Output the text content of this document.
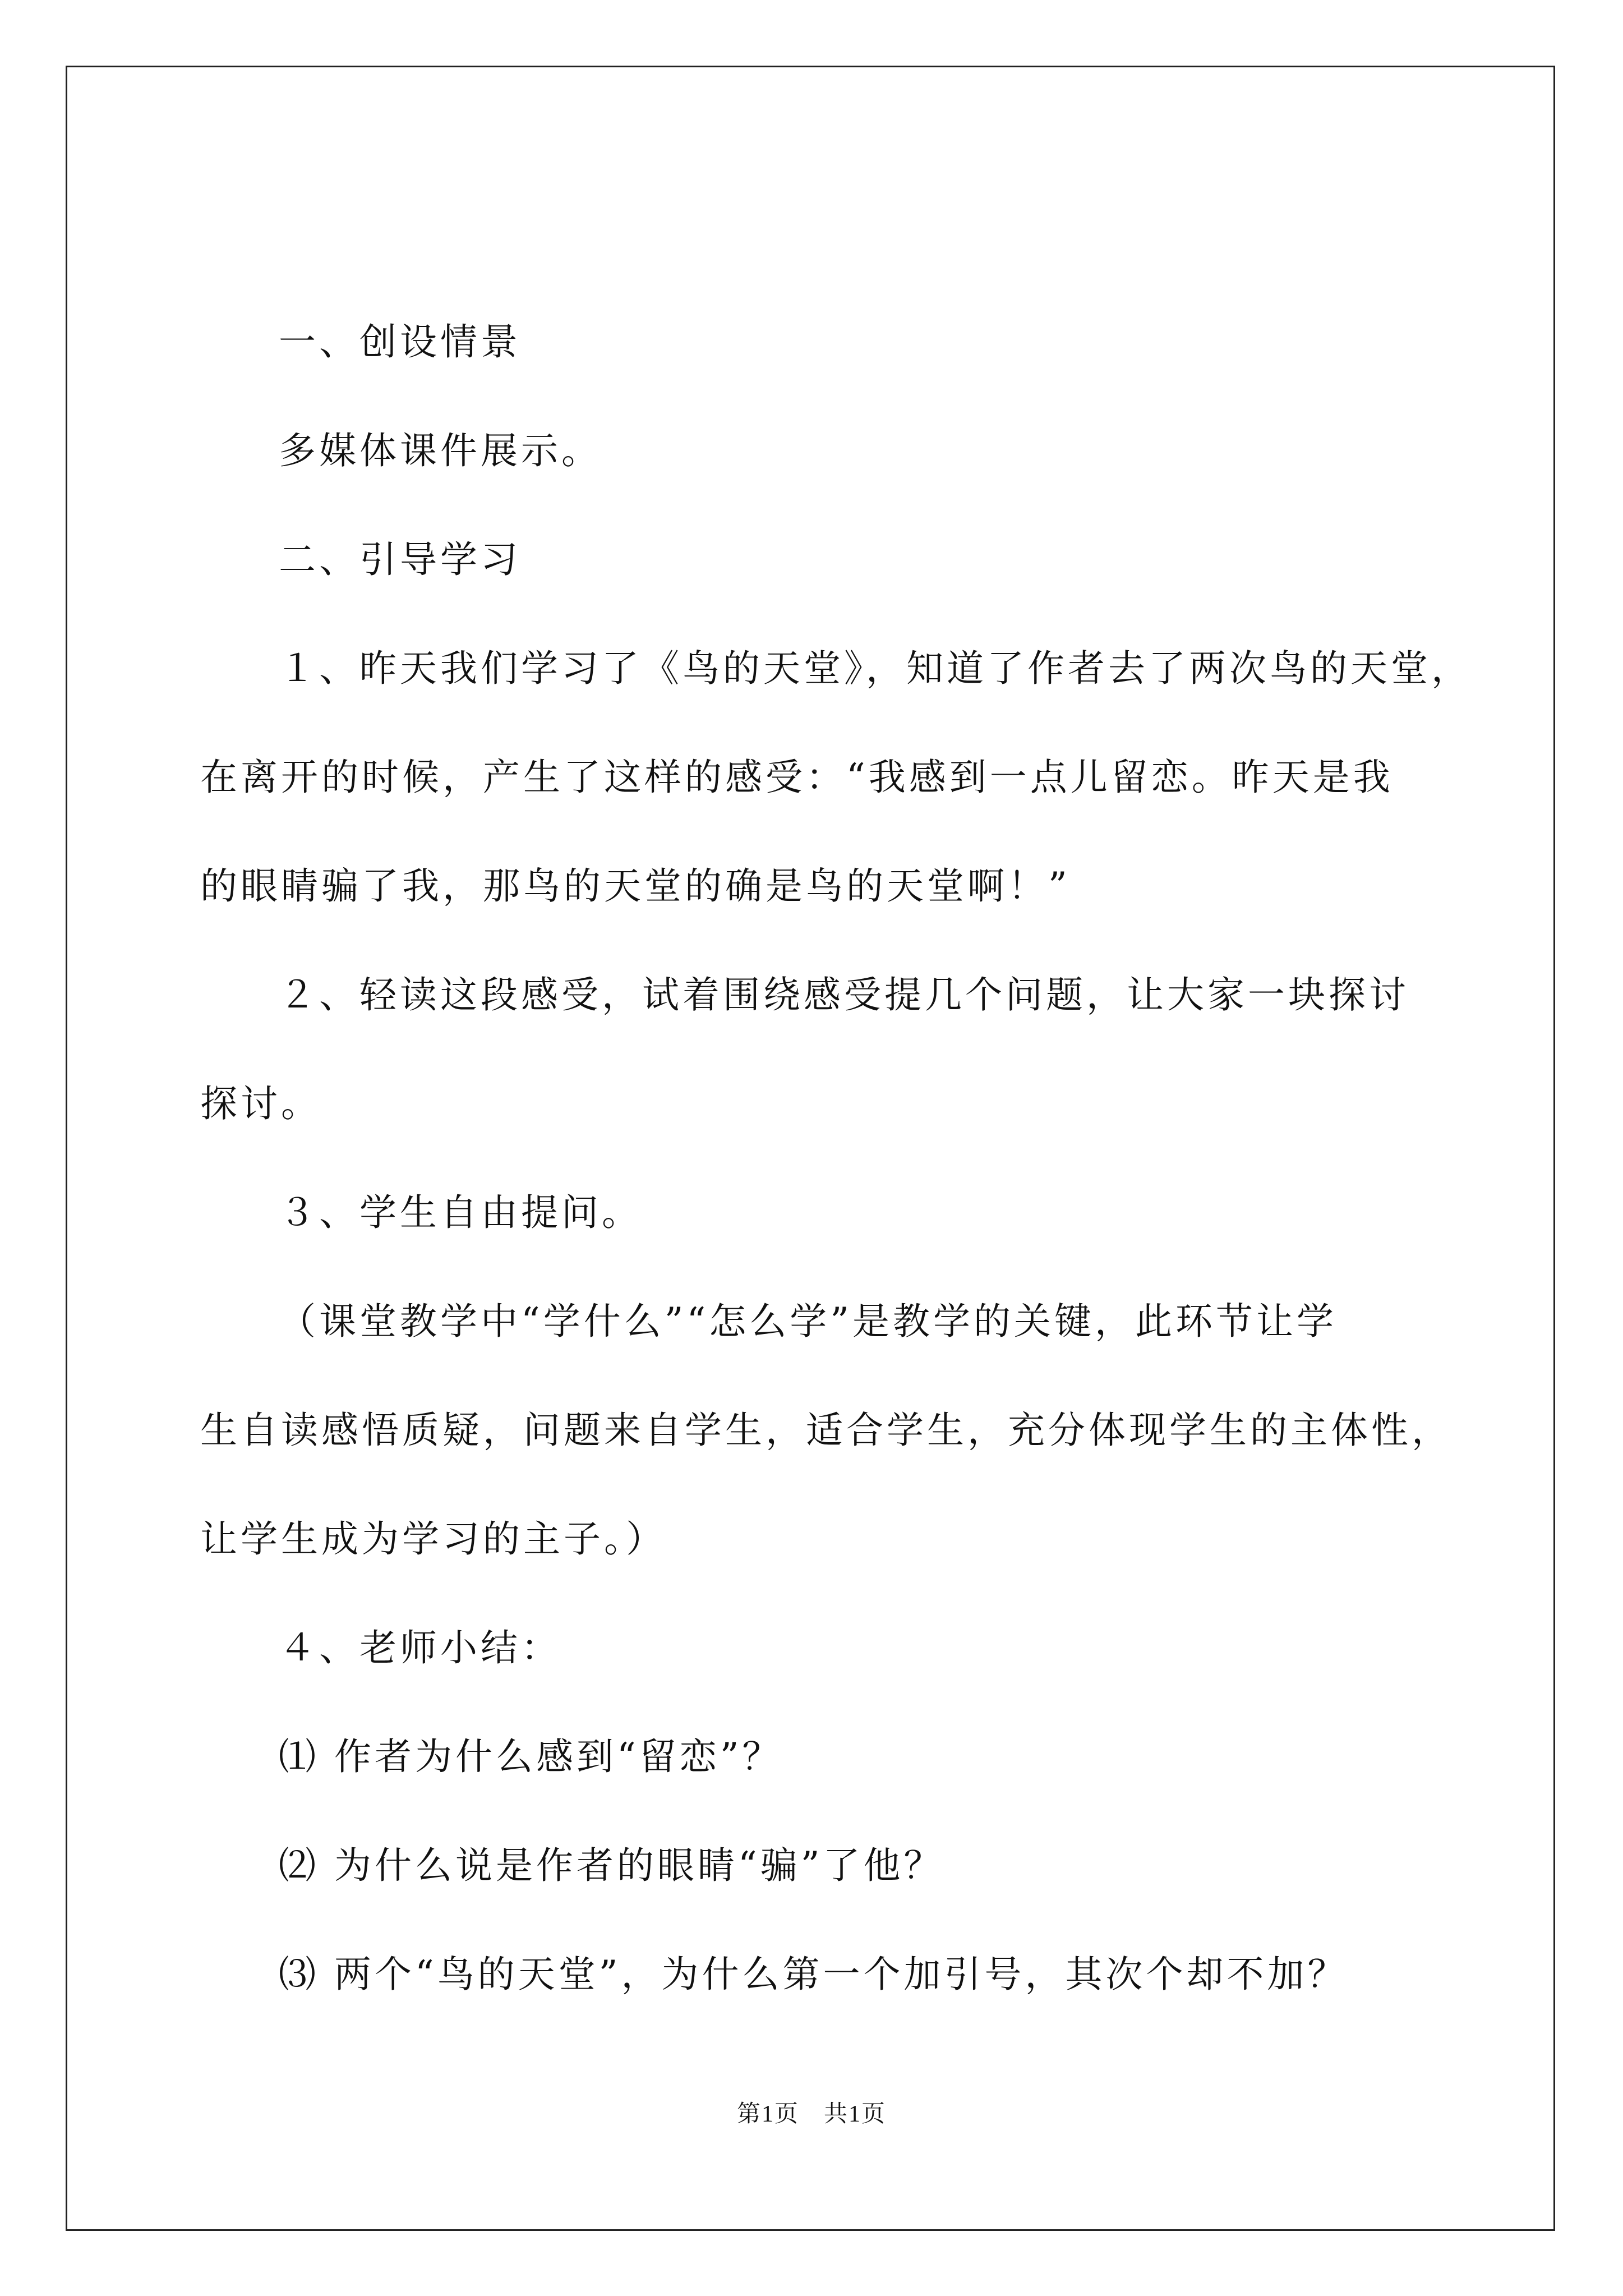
一、创设情景

多媒体课件展示。

二、引导学习

１、昨天我们学习了《鸟的天堂》，知道了作者去了两次鸟的天堂，

在离开的时候，产生了这样的感受：“我感到一点儿留恋。昨天是我

的眼睛骗了我，那鸟的天堂的确是鸟的天堂啊！”

２、轻读这段感受，试着围绕感受提几个问题，让大家一块探讨

探讨。

３、学生自由提问。

（课堂教学中“学什么”“怎么学”是教学的关键，此环节让学

生自读感悟质疑，问题来自学生，适合学生，充分体现学生的主体性，

让学生成为学习的主子。）

４、老师小结：

⑴ 作者为什么感到“留恋”？

⑵ 为什么说是作者的眼睛“骗”了他？

⑶ 两个“鸟的天堂”，为什么第一个加引号，其次个却不加？

第1页　共1页
